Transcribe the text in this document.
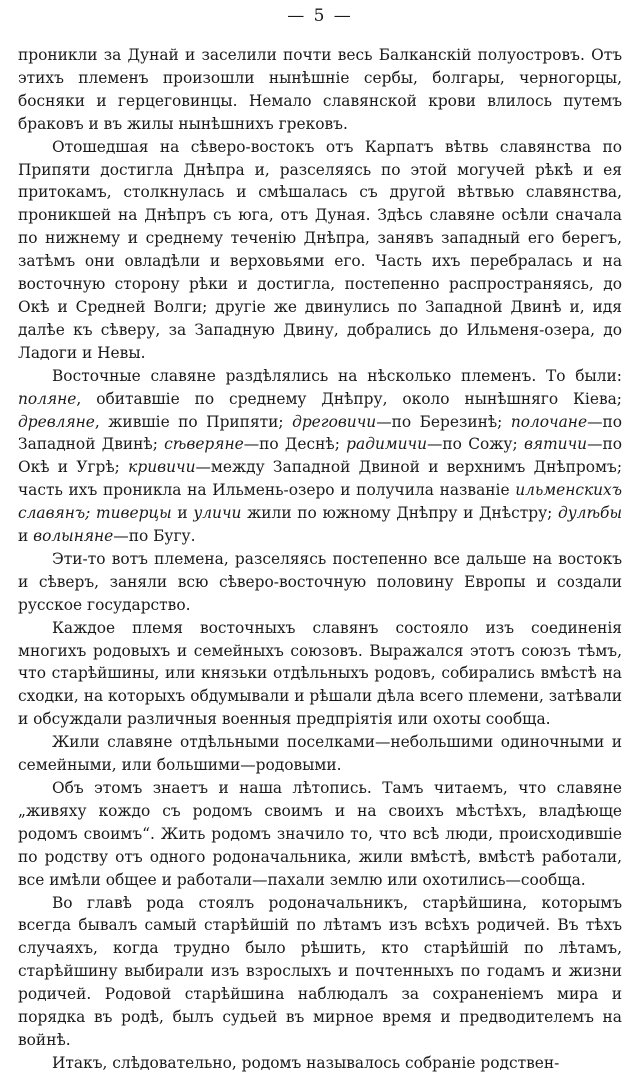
— 5 —

проникли за Дунай и заселили почти весь Балканскій полуостровъ. Отъ этихъ племенъ произошли нынѣшніе сербы, болгары, черногорцы, босняки и герцеговинцы. Немало славянской крови влилось путемъ браковъ и въ жилы нынѣшнихъ грековъ.

Отошедшая на сѣверо-востокъ отъ Карпатъ вѣтвь славянства по Припяти достигла Днѣпра и, разселяясь по этой могучей рѣкѣ и ея притокамъ, столкнулась и смѣшалась съ другой вѣтвью славянства, проникшей на Днѣпръ съ юга, отъ Дуная. Здѣсь славяне осѣли сначала по нижнему и среднему теченію Днѣпра, занявъ западный его берегъ, затѣмъ они овладѣли и верховьями его. Часть ихъ перебралась и на восточную сторону рѣки и достигла, постепенно распространяясь, до Окѣ и Средней Волги; другіе же двинулись по Западной Двинѣ и, идя далѣе къ сѣверу, за Западную Двину, добрались до Ильменя-озера, до Ладоги и Невы.

Восточные славяне раздѣлялись на нѣсколько племенъ. То были: поляне, обитавшіе по среднему Днѣпру, около нынѣшняго Кіева; древляне, жившіе по Припяти; дреговичи—по Березинѣ; полочане—по Западной Двинѣ; сѣверяне—по Деснѣ; радимичи—по Сожу; вятичи—по Окѣ и Угрѣ; кривичи—между Западной Двиной и верхнимъ Днѣпромъ; часть ихъ проникла на Ильмень-озеро и получила названіе ильменскихъ славянъ; тиверцы и уличи жили по южному Днѣпру и Днѣстру; дулѣбы и волыняне—по Бугу.

Эти-то вотъ племена, разселяясь постепенно все дальше на востокъ и сѣверъ, заняли всю сѣверо-восточную половину Европы и создали русское государство.

Каждое племя восточныхъ славянъ состояло изъ соединенія многихъ родовыхъ и семейныхъ союзовъ. Выражался этотъ союзъ тѣмъ, что старѣйшины, или князьки отдѣльныхъ родовъ, собирались вмѣстѣ на сходки, на которыхъ обдумывали и рѣшали дѣла всего племени, затѣвали и обсуждали различныя военныя предпріятія или охоты сообща.

Жили славяне отдѣльными поселками—небольшими одиночными и семейными, или большими—родовыми.

Объ этомъ знаетъ и наша лѣтопись. Тамъ читаемъ, что славяне „живяху кождо съ родомъ своимъ и на своихъ мѣстѣхъ, владѣюще родомъ своимъ“. Жить родомъ значило то, что всѣ люди, происходившіе по родству отъ одного родоначальника, жили вмѣстѣ, вмѣстѣ работали, все имѣли общее и работали—пахали землю или охотились—сообща.

Во главѣ рода стоялъ родоначальникъ, старѣйшина, которымъ всегда бывалъ самый старѣйшій по лѣтамъ изъ всѣхъ родичей. Въ тѣхъ случаяхъ, когда трудно было рѣшить, кто старѣйшій по лѣтамъ, старѣйшину выбирали изъ взрослыхъ и почтенныхъ по годамъ и жизни родичей. Родовой старѣйшина наблюдалъ за сохраненіемъ мира и порядка въ родѣ, былъ судьей въ мирное время и предводителемъ на войнѣ.

Итакъ, слѣдовательно, родомъ называлось собраніе родствен-
